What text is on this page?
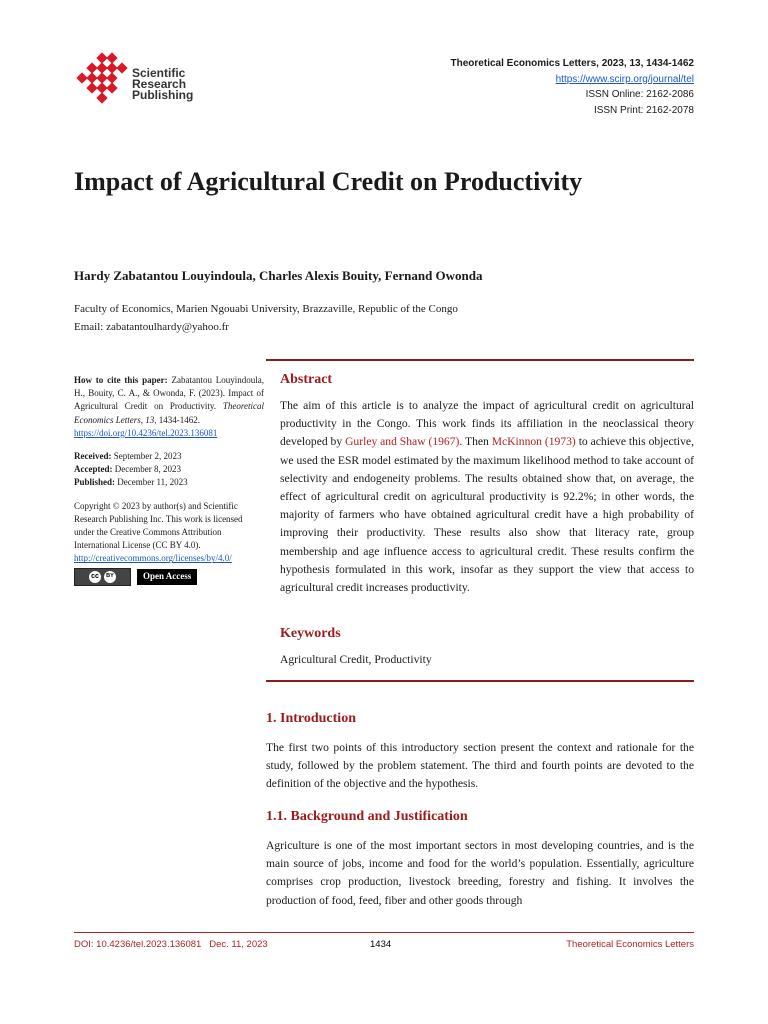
Scientific
Research
Publishing
Theoretical Economics Letters, 2023, 13, 1434-1462
https://www.scirp.org/journal/tel
ISSN Online: 2162-2086
ISSN Print: 2162-2078
Impact of Agricultural Credit on Productivity
Hardy Zabatantou Louyindoula, Charles Alexis Bouity, Fernand Owonda
Faculty of Economics, Marien Ngouabi University, Brazzaville, Republic of the Congo
Email: zabatantoulhardy@yahoo.fr

How to cite this paper: Zabatantou Louyindoula, H., Bouity, C. A., & Owonda, F. (2023). Impact of Agricultural Credit on Productivity. Theoretical Economics Letters, 13, 1434-1462.
https://doi.org/10.4236/tel.2023.136081

Received: September 2, 2023
Accepted: December 8, 2023
Published: December 11, 2023

Copyright © 2023 by author(s) and Scientific Research Publishing Inc. This work is licensed under the Creative Commons Attribution International License (CC BY 4.0).
http://creativecommons.org/licenses/by/4.0/

cc	BY	Open Access
Abstract

The aim of this article is to analyze the impact of agricultural credit on agricultural productivity in the Congo. This work finds its affiliation in the neoclassical theory developed by Gurley and Shaw (1967). Then McKinnon (1973) to achieve this objective, we used the ESR model estimated by the maximum likelihood method to take account of selectivity and endogeneity problems. The results obtained show that, on average, the effect of agricultural credit on agricultural productivity is 92.2%; in other words, the majority of farmers who have obtained agricultural credit have a high probability of improving their productivity. These results also show that literacy rate, group membership and age influence access to agricultural credit. These results confirm the hypothesis formulated in this work, insofar as they support the view that access to agricultural credit increases productivity.

Keywords

Agricultural Credit, Productivity

1. Introduction

The first two points of this introductory section present the context and rationale for the study, followed by the problem statement. The third and fourth points are devoted to the definition of the objective and the hypothesis.

1.1. Background and Justification

Agriculture is one of the most important sectors in most developing countries, and is the main source of jobs, income and food for the world’s population. Essentially, agriculture comprises crop production, livestock breeding, forestry and fishing. It involves the production of food, feed, fiber and other goods through

DOI: 10.4236/tel.2023.136081 Dec. 11, 2023	1434	Theoretical Economics Letters
